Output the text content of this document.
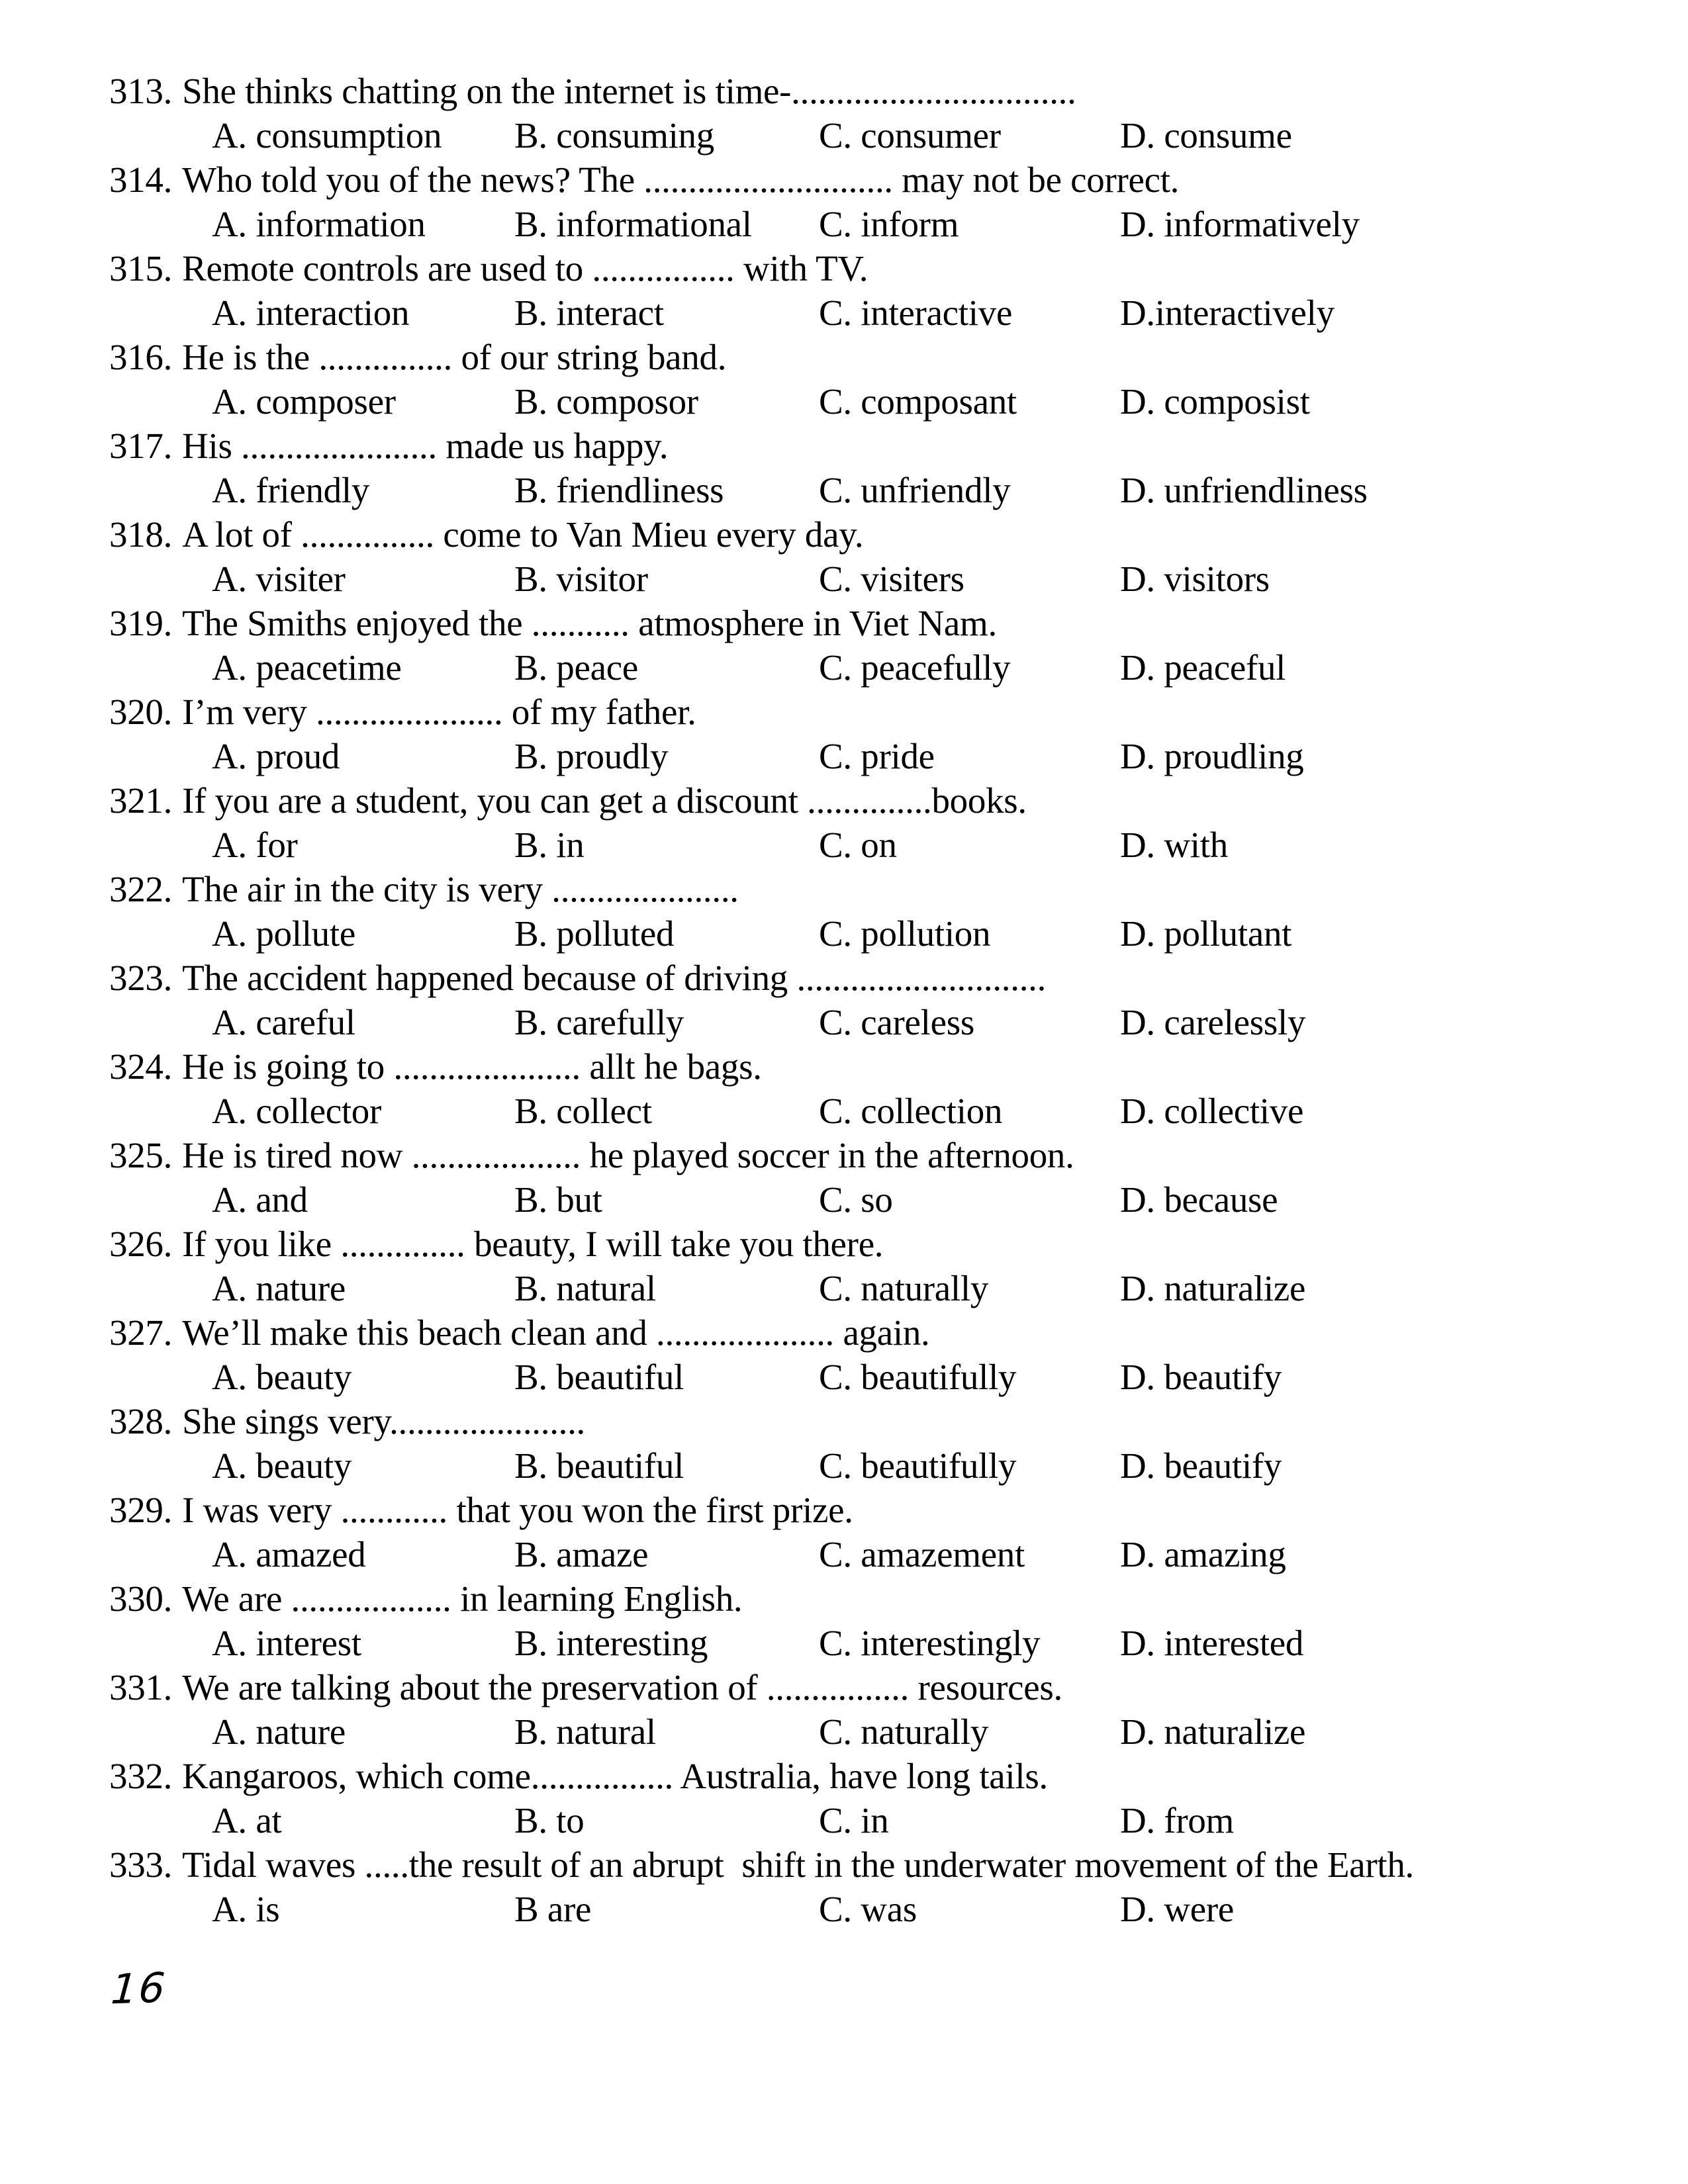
313. She thinks chatting on the internet is time-................................
A. consumption	B. consuming	C. consumer	D. consume
314. Who told you of the news? The ............................ may not be correct.
A. information	B. informational	C. inform	D. informatively
315. Remote controls are used to ................ with TV.
A. interaction	B. interact	C. interactive	D.interactively
316. He is the ............... of our string band.
A. composer	B. composor	C. composant	D. composist
317. His ...................... made us happy.
A. friendly	B. friendliness	C. unfriendly	D. unfriendliness
318. A lot of ............... come to Van Mieu every day.
A. visiter	B. visitor	C. visiters	D. visitors
319. The Smiths enjoyed the ........... atmosphere in Viet Nam.
A. peacetime	B. peace	C. peacefully	D. peaceful
320. I’m very ..................... of my father.
A. proud	B. proudly	C. pride	D. proudling
321. If you are a student, you can get a discount ..............books.
A. for	B. in	C. on	D. with
322. The air in the city is very .....................
A. pollute	B. polluted	C. pollution	D. pollutant
323. The accident happened because of driving ............................
A. careful	B. carefully	C. careless	D. carelessly
324. He is going to ..................... allt he bags.
A. collector	B. collect	C. collection	D. collective
325. He is tired now ................... he played soccer in the afternoon.
A. and	B. but	C. so	D. because
326. If you like .............. beauty, I will take you there.
A. nature	B. natural	C. naturally	D. naturalize
327. We’ll make this beach clean and .................... again.
A. beauty	B. beautiful	C. beautifully	D. beautify
328. She sings very......................
A. beauty	B. beautiful	C. beautifully	D. beautify
329. I was very ............ that you won the first prize.
A. amazed	B. amaze	C. amazement	D. amazing
330. We are .................. in learning English.
A. interest	B. interesting	C. interestingly	D. interested
331. We are talking about the preservation of ................ resources.
A. nature	B. natural	C. naturally	D. naturalize
332. Kangaroos, which come................ Australia, have long tails.
A. at	B. to	C. in	D. from
333. Tidal waves .....the result of an abrupt  shift in the underwater movement of the Earth.
A. is	B are	C. was	D. were
16
